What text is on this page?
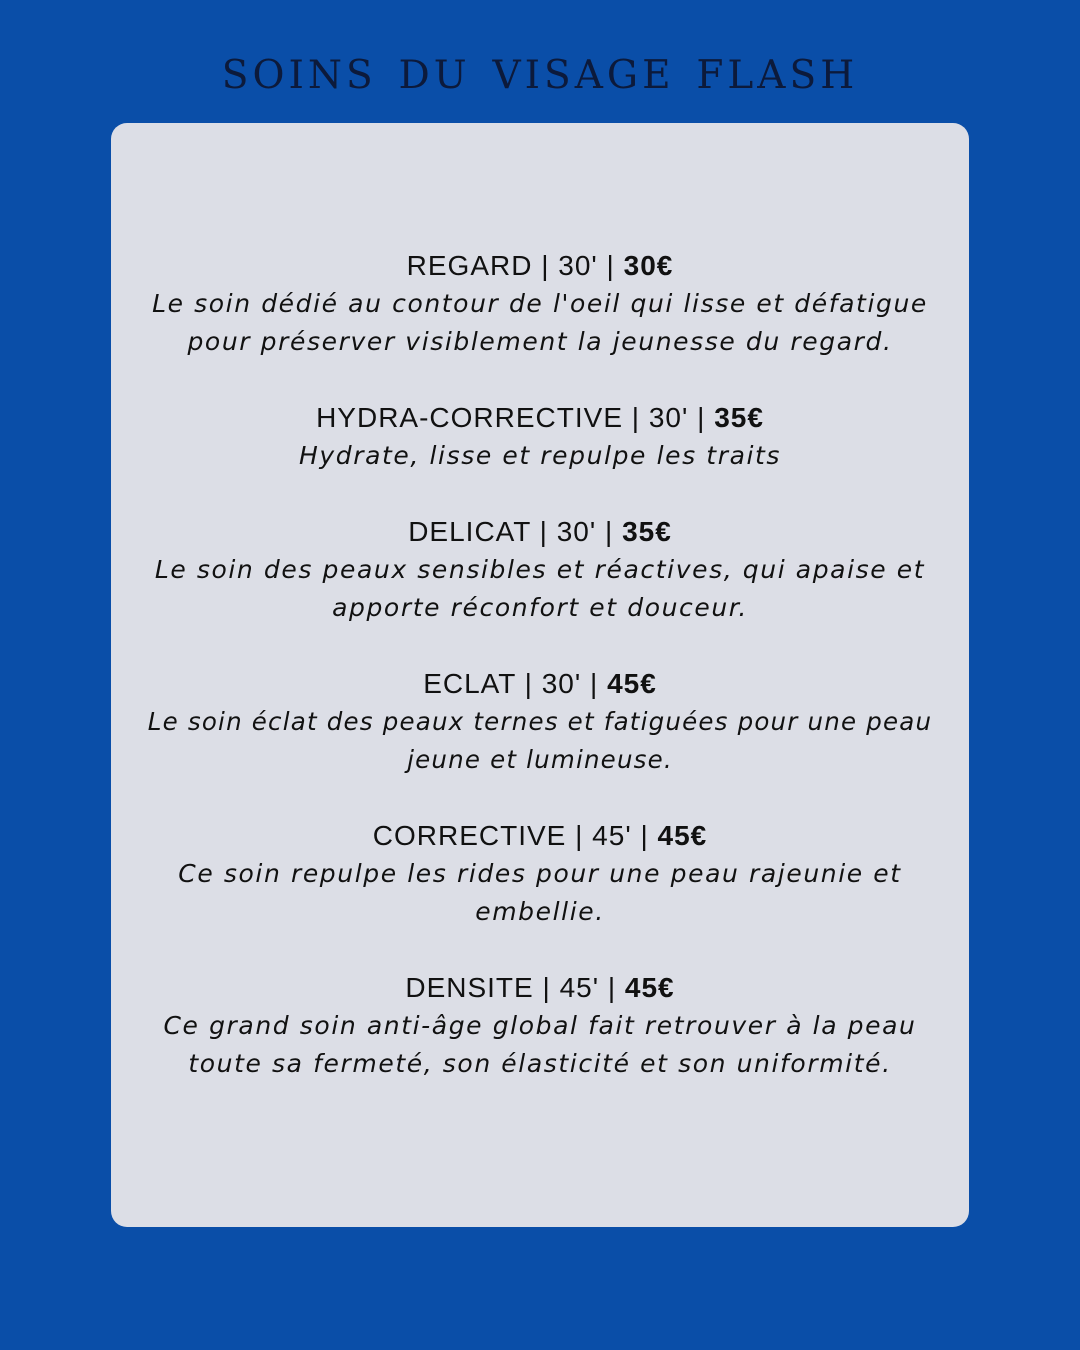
soins du visage flash
REGARD | 30' | 30€
Le soin dédié au contour de l'oeil qui lisse et défatigue
pour préserver visiblement la jeunesse du regard.
HYDRA-CORRECTIVE | 30' | 35€
Hydrate, lisse et repulpe les traits
DELICAT | 30' | 35€
Le soin des peaux sensibles et réactives, qui apaise et
apporte réconfort et douceur.
ECLAT | 30' | 45€
Le soin éclat des peaux ternes et fatiguées pour une peau
jeune et lumineuse.
CORRECTIVE | 45' | 45€
Ce soin repulpe les rides pour une peau rajeunie et
embellie.
DENSITE | 45' | 45€
Ce grand soin anti-âge global fait retrouver à la peau
toute sa fermeté, son élasticité et son uniformité.
